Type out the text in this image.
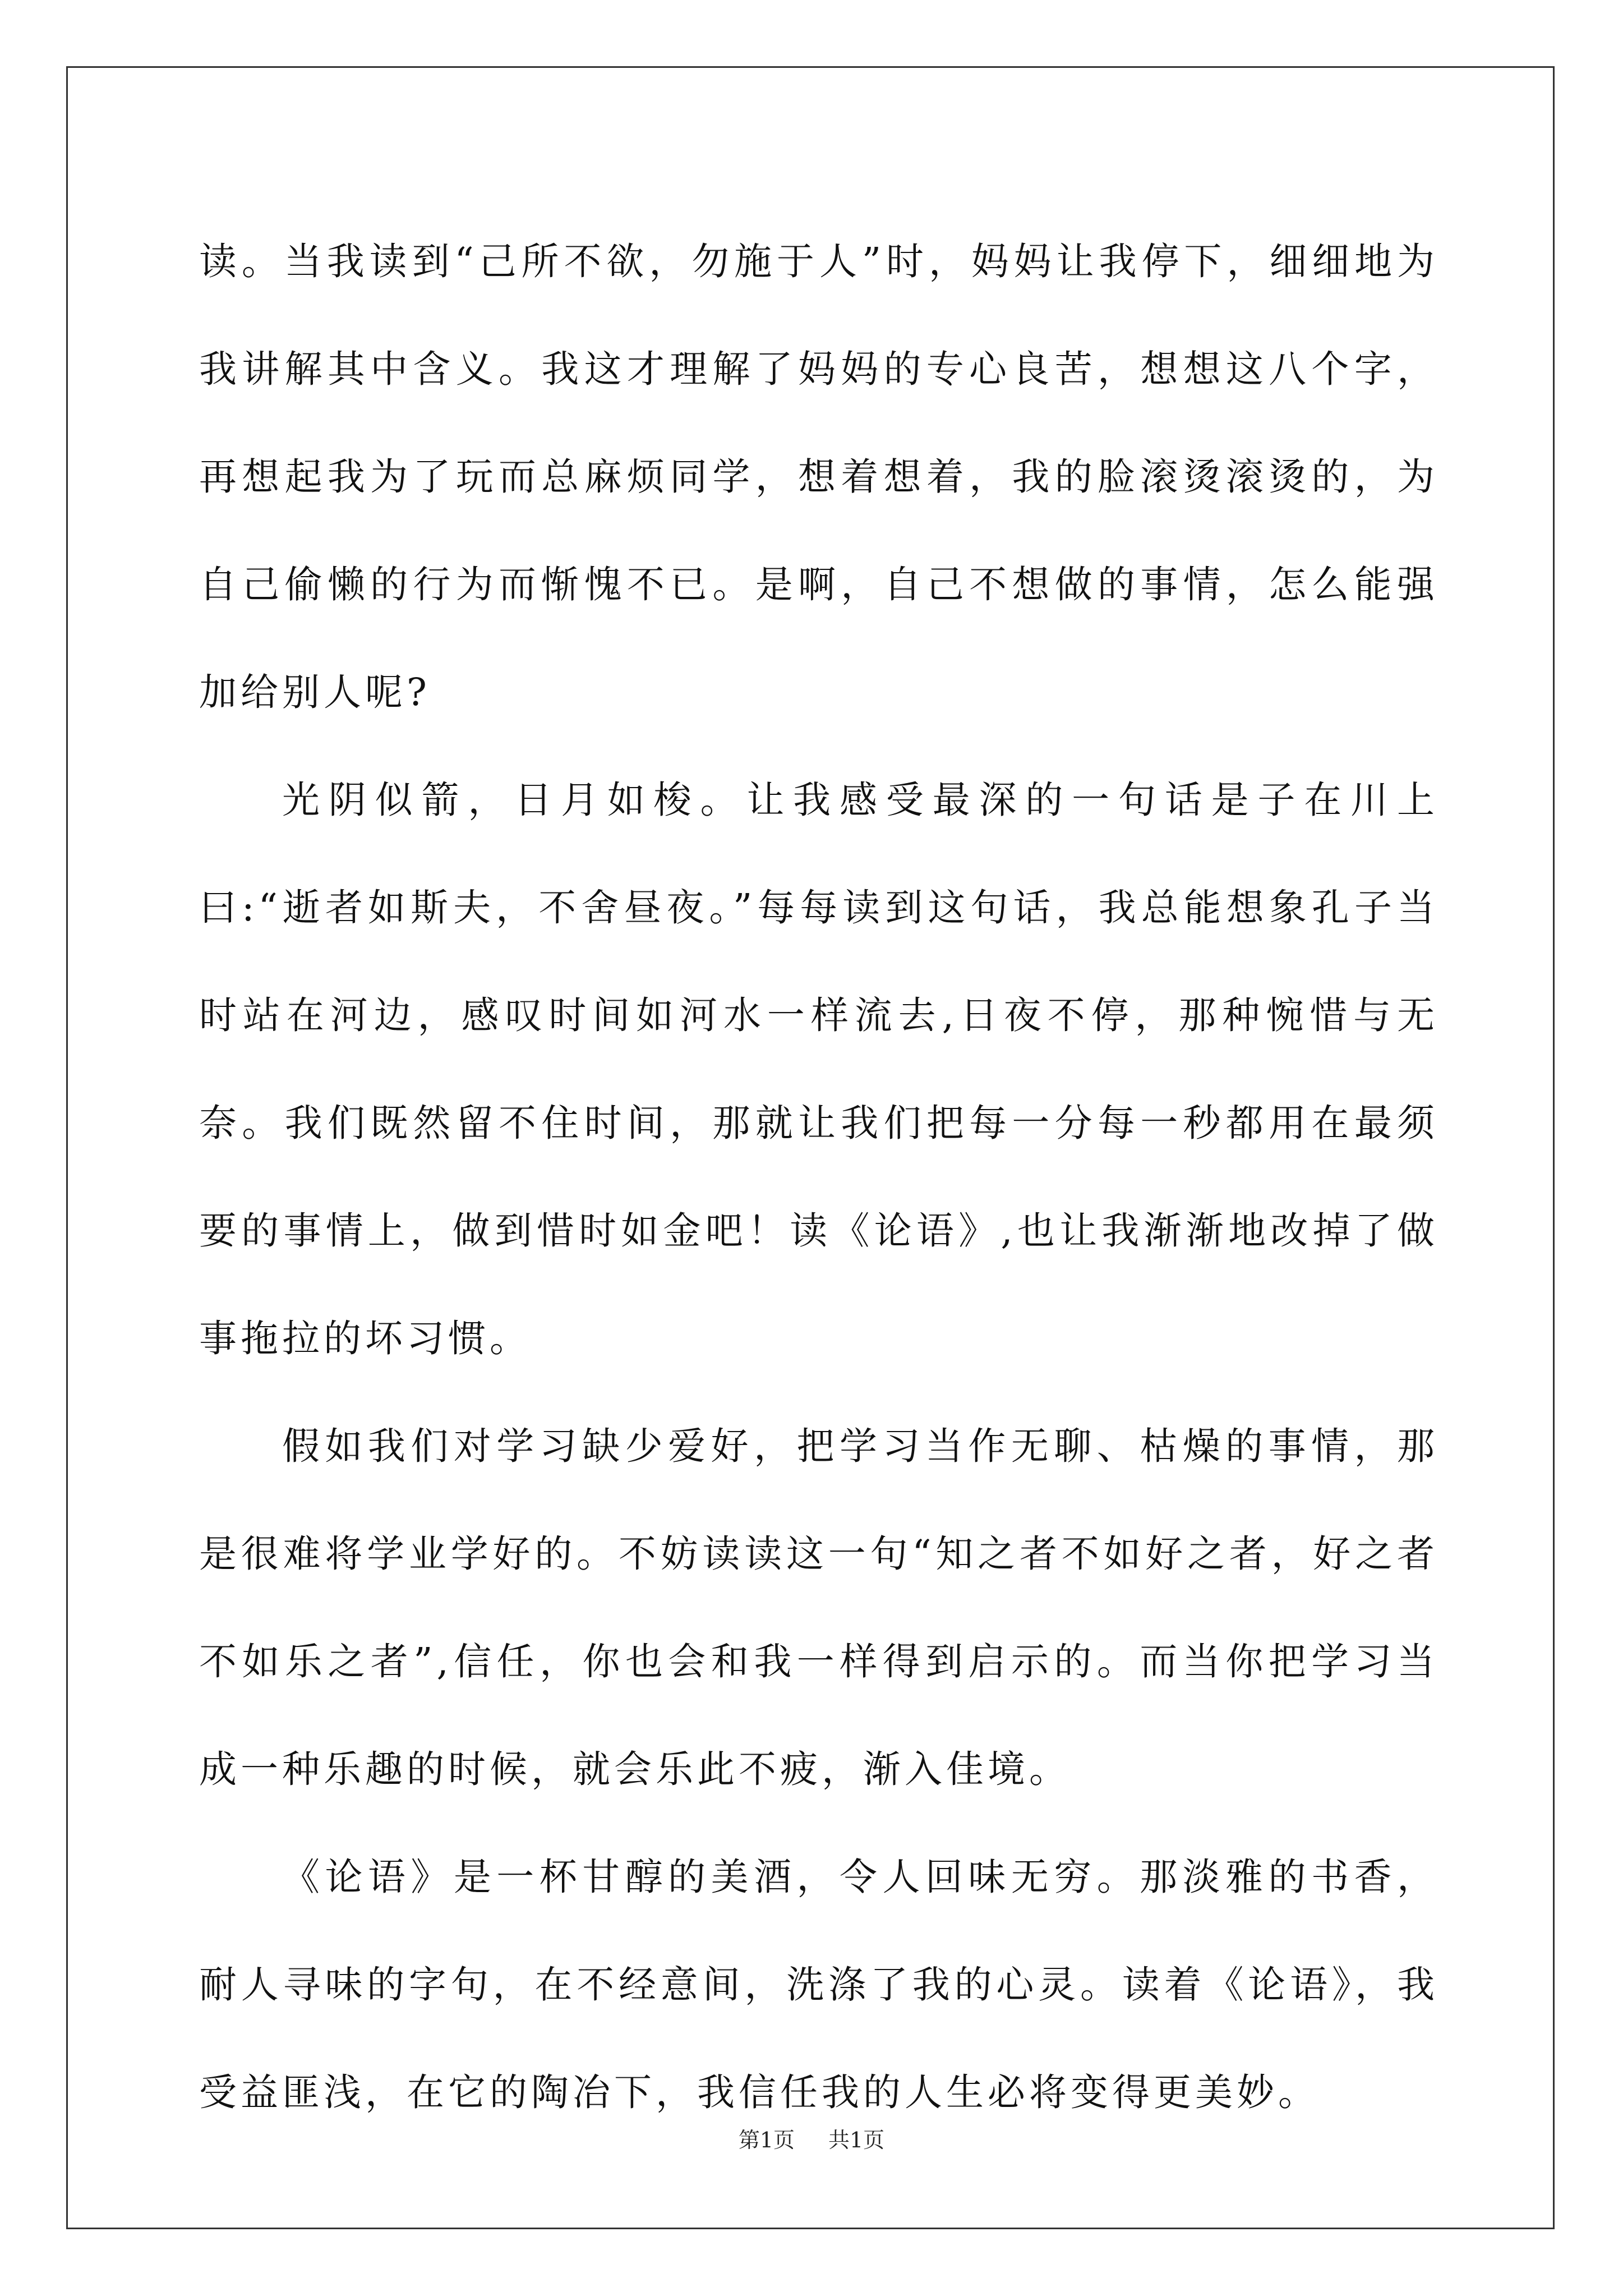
读。当我读到“己所不欲，勿施于人”时，妈妈让我停下，细细地为我讲解其中含义。我这才理解了妈妈的专心良苦，想想这八个字，再想起我为了玩而总麻烦同学，想着想着，我的脸滚烫滚烫的，为自己偷懒的行为而惭愧不已。是啊，自己不想做的事情，怎么能强加给别人呢?

光阴似箭，日月如梭。让我感受最深的一句话是子在川上曰:“逝者如斯夫，不舍昼夜。”每每读到这句话，我总能想象孔子当时站在河边，感叹时间如河水一样流去,日夜不停，那种惋惜与无奈。我们既然留不住时间，那就让我们把每一分每一秒都用在最须要的事情上，做到惜时如金吧！读《论语》,也让我渐渐地改掉了做事拖拉的坏习惯。

假如我们对学习缺少爱好，把学习当作无聊、枯燥的事情，那是很难将学业学好的。不妨读读这一句“知之者不如好之者，好之者不如乐之者”,信任，你也会和我一样得到启示的。而当你把学习当成一种乐趣的时候，就会乐此不疲，渐入佳境。

《论语》是一杯甘醇的美酒，令人回味无穷。那淡雅的书香，耐人寻味的字句，在不经意间，洗涤了我的心灵。读着《论语》，我受益匪浅，在它的陶冶下，我信任我的人生必将变得更美妙。

第1页 共1页
